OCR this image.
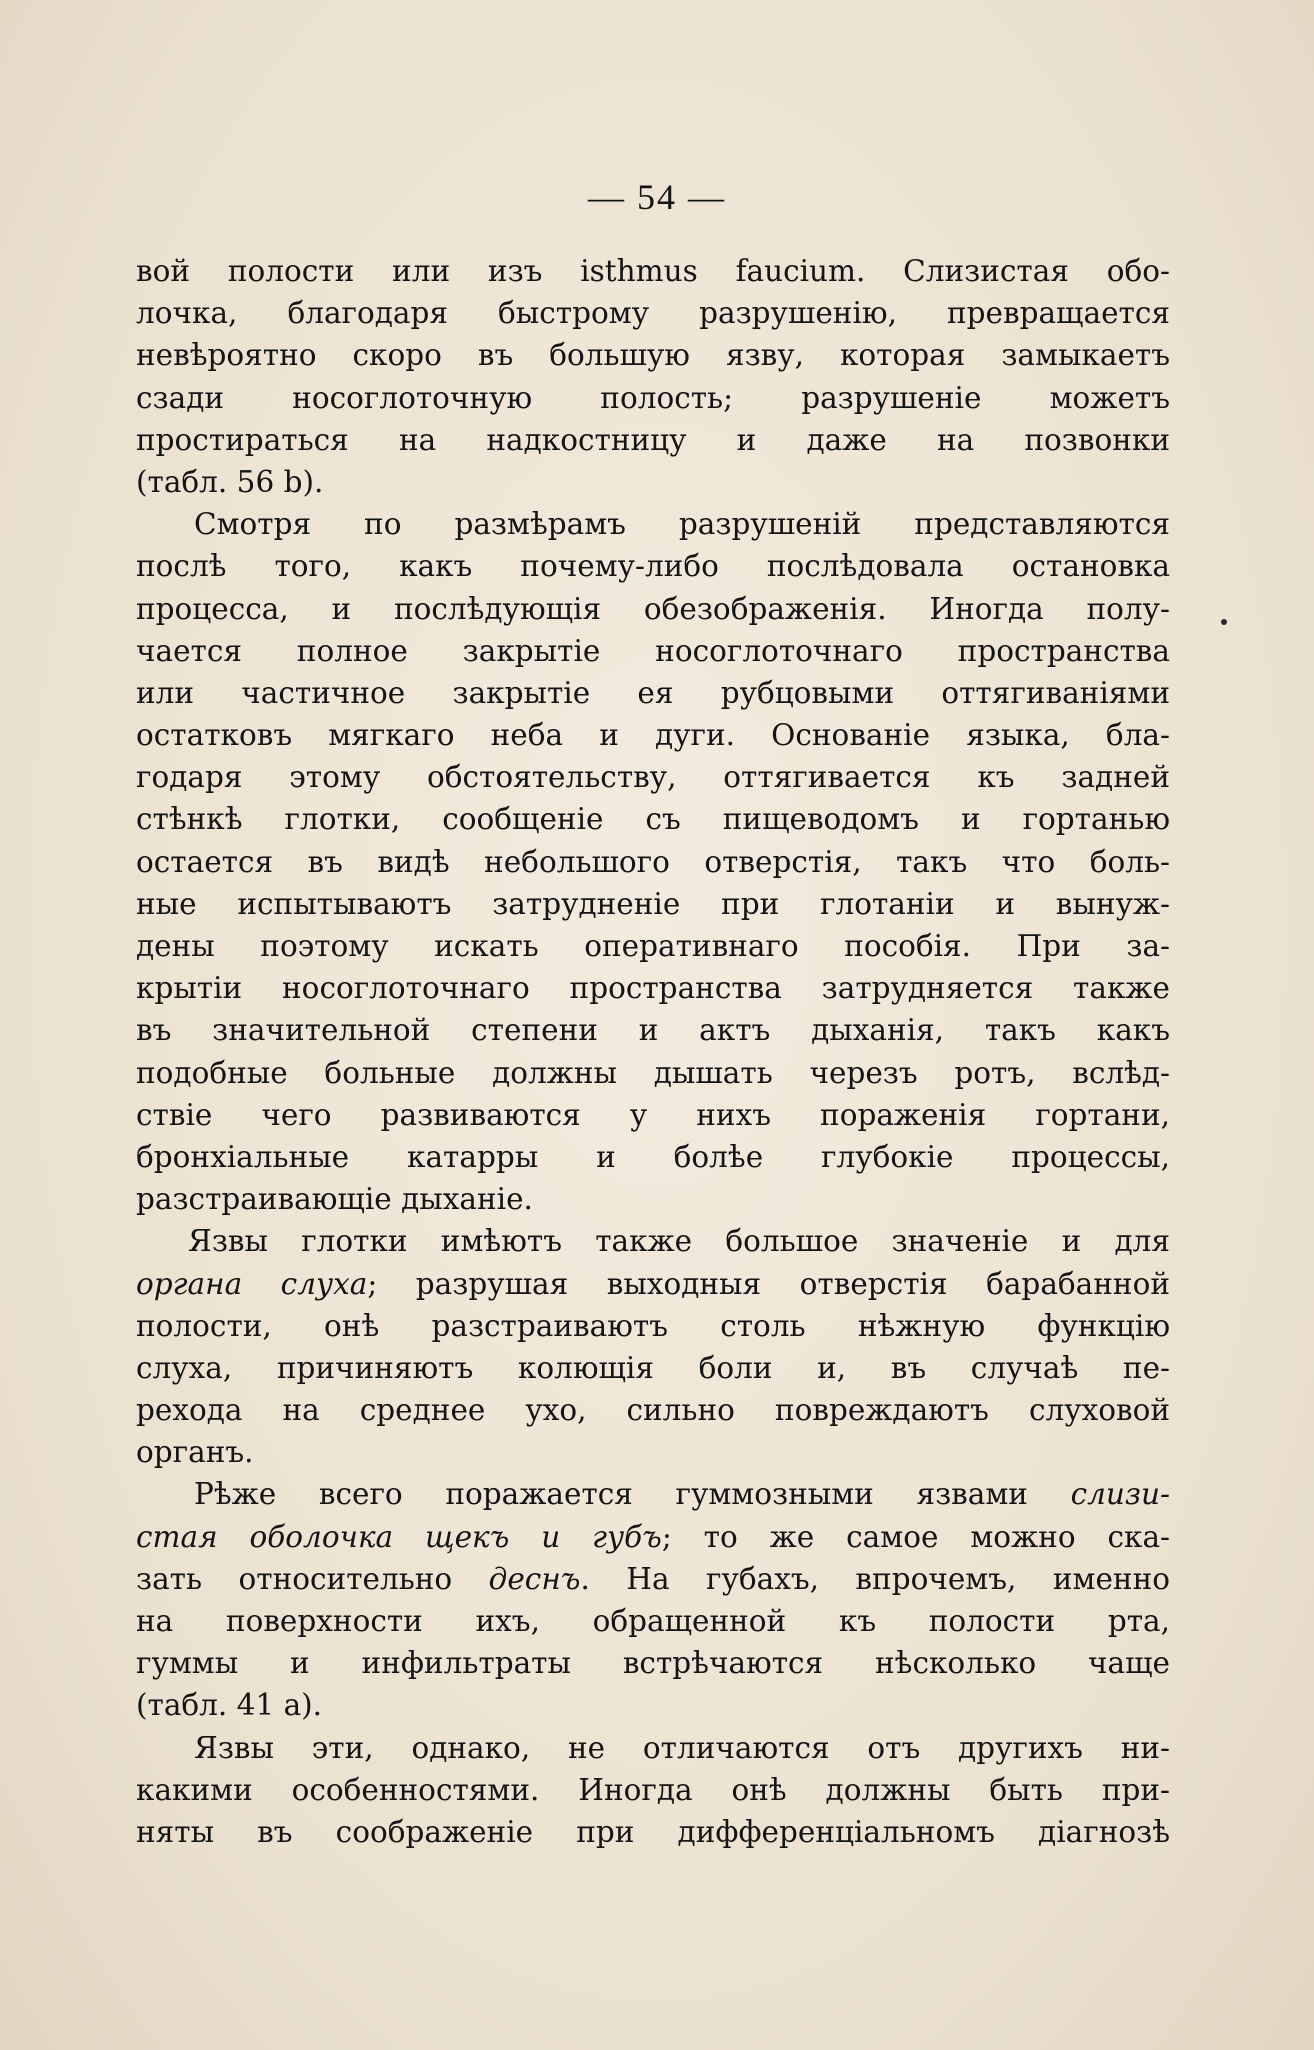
— 54 —
вой полости или изъ isthmus faucium. Слизистая обо-
лочка, благодаря быстрому разрушенію, превращается
невѣроятно скоро въ большую язву, которая замыкаетъ
сзади носоглоточную полость; разрушеніе можетъ
простираться на надкостницу и даже на позвонки
(табл. 56 b).
Смотря по размѣрамъ разрушеній представляются
послѣ того, какъ почему-либо послѣдовала остановка
процесса, и послѣдующія обезображенія. Иногда полу-
чается полное закрытіе носоглоточнаго пространства
или частичное закрытіе ея рубцовыми оттягиваніями
остатковъ мягкаго неба и дуги. Основаніе языка, бла-
годаря этому обстоятельству, оттягивается къ задней
стѣнкѣ глотки, сообщеніе съ пищеводомъ и гортанью
остается въ видѣ небольшого отверстія, такъ что боль-
ные испытываютъ затрудненіе при глотаніи и вынуж-
дены поэтому искать оперативнаго пособія. При за-
крытіи носоглоточнаго пространства затрудняется также
въ значительной степени и актъ дыханія, такъ какъ
подобные больные должны дышать черезъ ротъ, вслѣд-
ствіе чего развиваются у нихъ пораженія гортани,
бронхіальные катарры и болѣе глубокіе процессы,
разстраивающіе дыханіе.
Язвы глотки имѣютъ также большое значеніе и для
органа слуха; разрушая выходныя отверстія барабанной
полости, онѣ разстраиваютъ столь нѣжную функцію
слуха, причиняютъ колющія боли и, въ случаѣ пе-
рехода на среднее ухо, сильно повреждаютъ слуховой
органъ.
Рѣже всего поражается гуммозными язвами слизи-
стая оболочка щекъ и губъ; то же самое можно ска-
зать относительно деснъ. На губахъ, впрочемъ, именно
на поверхности ихъ, обращенной къ полости рта,
гуммы и инфильтраты встрѣчаются нѣсколько чаще
(табл. 41 а).
Язвы эти, однако, не отличаются отъ другихъ ни-
какими особенностями. Иногда онѣ должны быть при-
няты въ соображеніе при дифференціальномъ діагнозѣ
